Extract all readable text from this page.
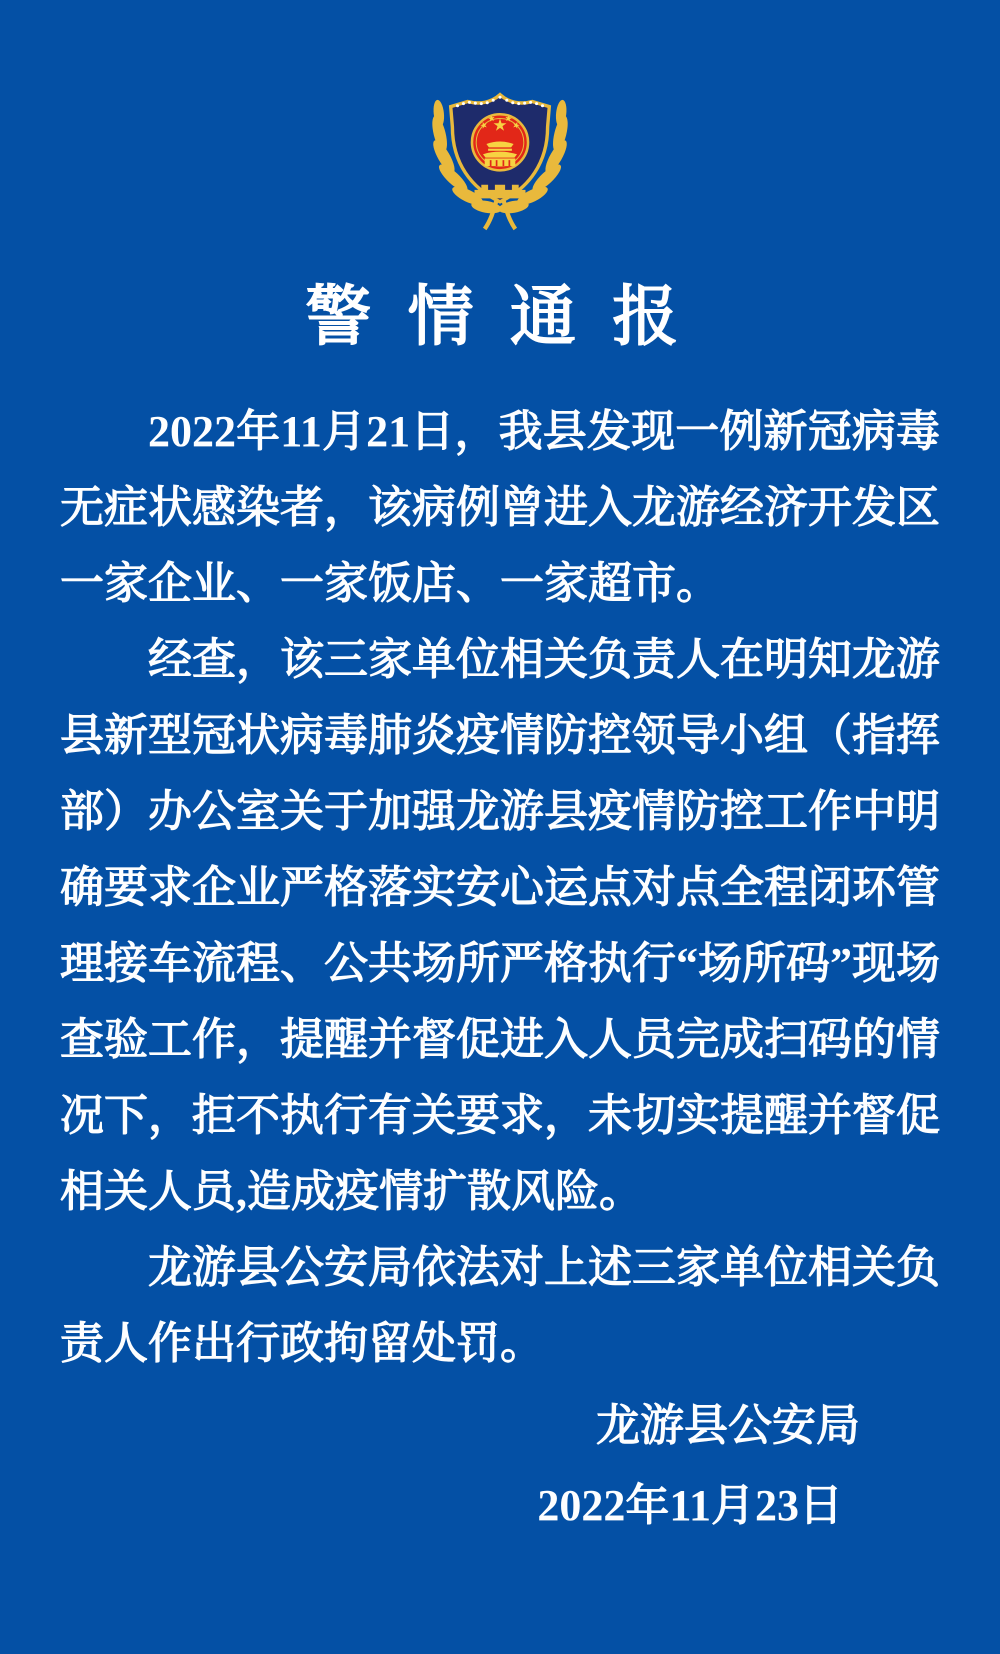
警情通报

2022年11月21日，我县发现一例新冠病毒无症状感染者，该病例曾进入龙游经济开发区一家企业、一家饭店、一家超市。

经查，该三家单位相关负责人在明知龙游县新型冠状病毒肺炎疫情防控领导小组（指挥部）办公室关于加强龙游县疫情防控工作中明确要求企业严格落实安心运点对点全程闭环管理接车流程、公共场所严格执行“场所码”现场查验工作，提醒并督促进入人员完成扫码的情况下，拒不执行有关要求，未切实提醒并督促相关人员,造成疫情扩散风险。

龙游县公安局依法对上述三家单位相关负责人作出行政拘留处罚。

龙游县公安局
2022年11月23日
